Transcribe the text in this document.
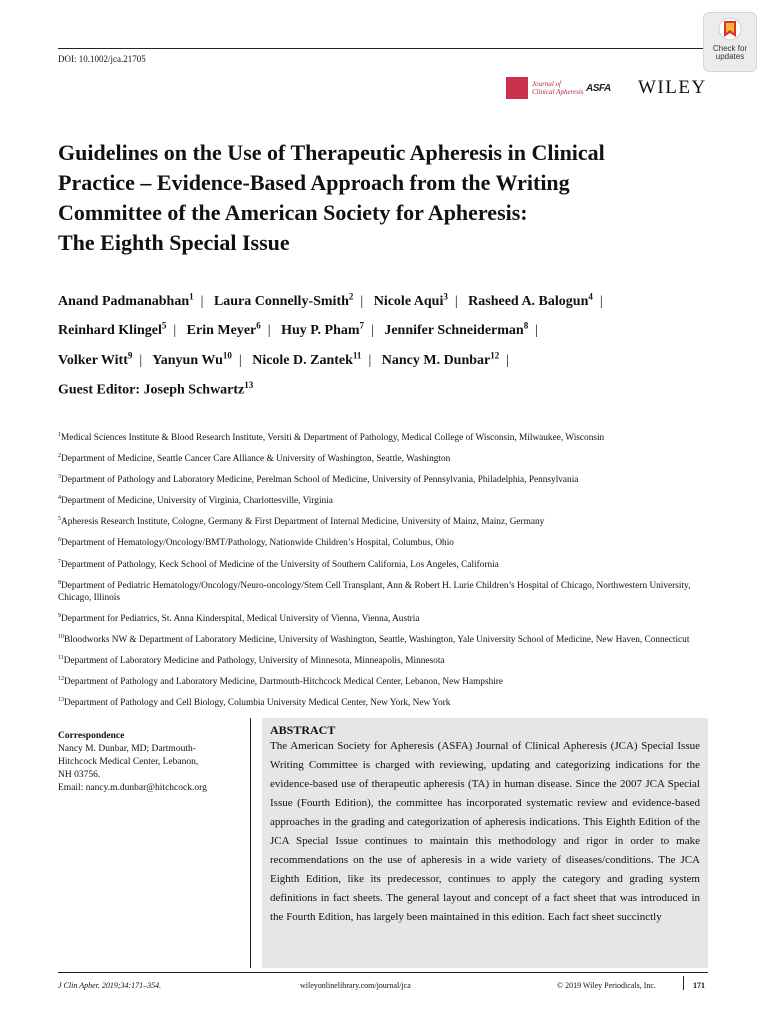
DOI: 10.1002/jca.21705
Check for
updates
Journal of
Clinical Apheresis ASFA WILEY
Guidelines on the Use of Therapeutic Apheresis in Clinical
Practice – Evidence-Based Approach from the Writing
Committee of the American Society for Apheresis:
The Eighth Special Issue
Anand Padmanabhan$^1$ | Laura Connelly-Smith$^2$ | Nicole Aqui$^3$ | Rasheed A. Balogun$^4$ |
Reinhard Klingel$^5$ | Erin Meyer$^6$ | Huy P. Pham$^7$ | Jennifer Schneiderman$^8$ |
Volker Witt$^9$ | Yanyun Wu$^{10}$ | Nicole D. Zantek$^{11}$ | Nancy M. Dunbar$^{12}$ |
Guest Editor: Joseph Schwartz$^{13}$
$^1$Medical Sciences Institute & Blood Research Institute, Versiti & Department of Pathology, Medical College of Wisconsin, Milwaukee, Wisconsin
$^2$Department of Medicine, Seattle Cancer Care Alliance & University of Washington, Seattle, Washington
$^3$Department of Pathology and Laboratory Medicine, Perelman School of Medicine, University of Pennsylvania, Philadelphia, Pennsylvania
$^4$Department of Medicine, University of Virginia, Charlottesville, Virginia
$^5$Apheresis Research Institute, Cologne, Germany & First Department of Internal Medicine, University of Mainz, Mainz, Germany
$^6$Department of Hematology/Oncology/BMT/Pathology, Nationwide Children’s Hospital, Columbus, Ohio
$^7$Department of Pathology, Keck School of Medicine of the University of Southern California, Los Angeles, California
$^8$Department of Pediatric Hematology/Oncology/Neuro-oncology/Stem Cell Transplant, Ann & Robert H. Lurie Children’s Hospital of Chicago, Northwestern University, Chicago, Illinois
$^9$Department for Pediatrics, St. Anna Kinderspital, Medical University of Vienna, Vienna, Austria
$^{10}$Bloodworks NW & Department of Laboratory Medicine, University of Washington, Seattle, Washington, Yale University School of Medicine, New Haven, Connecticut
$^{11}$Department of Laboratory Medicine and Pathology, University of Minnesota, Minneapolis, Minnesota
$^{12}$Department of Pathology and Laboratory Medicine, Dartmouth-Hitchcock Medical Center, Lebanon, New Hampshire
$^{13}$Department of Pathology and Cell Biology, Columbia University Medical Center, New York, New York
Correspondence
Nancy M. Dunbar, MD; Dartmouth-
Hitchcock Medical Center, Lebanon,
NH 03756.
Email: nancy.m.dunbar@hitchcock.org
ABSTRACT
The American Society for Apheresis (ASFA) Journal of Clinical Apheresis (JCA) Special Issue Writing Committee is charged with reviewing, updating and categorizing indications for the evidence-based use of therapeutic apheresis (TA) in human disease. Since the 2007 JCA Special Issue (Fourth Edition), the committee has incorporated systematic review and evidence-based approaches in the grading and categorization of apheresis indications. This Eighth Edition of the JCA Special Issue continues to maintain this methodology and rigor in order to make recommendations on the use of apheresis in a wide variety of diseases/conditions. The JCA Eighth Edition, like its predecessor, continues to apply the category and grading system definitions in fact sheets. The general layout and concept of a fact sheet that was introduced in the Fourth Edition, has largely been maintained in this edition. Each fact sheet succinctly
J Clin Apher. 2019;34:171–354.	wileyonlinelibrary.com/journal/jca	© 2019 Wiley Periodicals, Inc.	171
